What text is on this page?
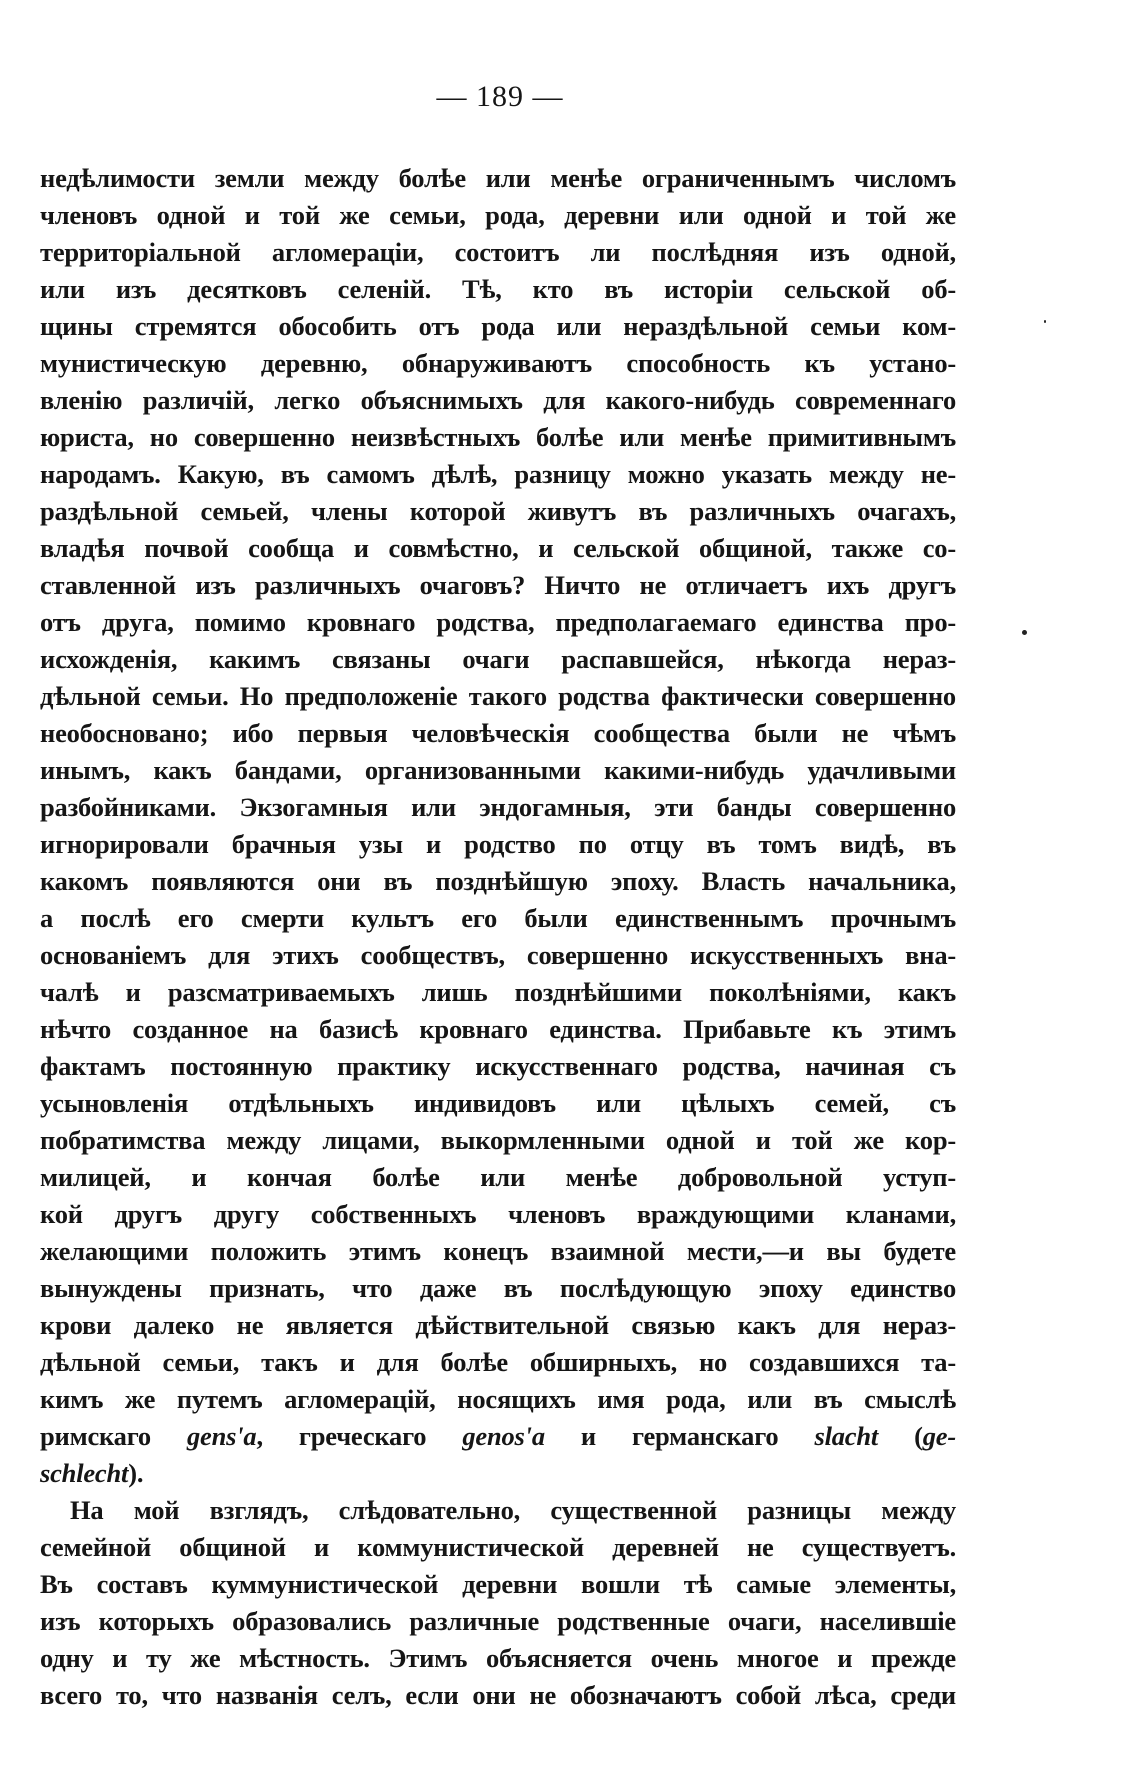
— 189 —
недѣлимости земли между болѣе или менѣе ограниченнымъ числомъ
членовъ одной и той же семьи, рода, деревни или одной и той же
территоріальной агломераціи, состоитъ ли послѣдняя изъ одной,
или изъ десятковъ селеній. Тѣ, кто въ исторіи сельской об-
щины стремятся обособить отъ рода или нераздѣльной семьи ком-
мунистическую деревню, обнаруживаютъ способность къ устано-
вленію различій, легко объяснимыхъ для какого-нибудь современнаго
юриста, но совершенно неизвѣстныхъ болѣе или менѣе примитивнымъ
народамъ. Какую, въ самомъ дѣлѣ, разницу можно указать между не-
раздѣльной семьей, члены которой живутъ въ различныхъ очагахъ,
владѣя почвой сообща и совмѣстно, и сельской общиной, также со-
ставленной изъ различныхъ очаговъ? Ничто не отличаетъ ихъ другъ
отъ друга, помимо кровнаго родства, предполагаемаго единства про-
исхожденія, какимъ связаны очаги распавшейся, нѣкогда нераз-
дѣльной семьи. Но предположеніе такого родства фактически совершенно
необосновано; ибо первыя человѣческія сообщества были не чѣмъ
инымъ, какъ бандами, организованными какими-нибудь удачливыми
разбойниками. Экзогамныя или эндогамныя, эти банды совершенно
игнорировали брачныя узы и родство по отцу въ томъ видѣ, въ
какомъ появляются они въ позднѣйшую эпоху. Власть начальника,
а послѣ его смерти культъ его были единственнымъ прочнымъ
основаніемъ для этихъ сообществъ, совершенно искусственныхъ вна-
чалѣ и разсматриваемыхъ лишь позднѣйшими поколѣніями, какъ
нѣчто созданное на базисѣ кровнаго единства. Прибавьте къ этимъ
фактамъ постоянную практику искусственнаго родства, начиная съ
усыновленія отдѣльныхъ индивидовъ или цѣлыхъ семей, съ
побратимства между лицами, выкормленными одной и той же кор-
милицей, и кончая болѣе или менѣе добровольной уступ-
кой другъ другу собственныхъ членовъ враждующими кланами,
желающими положить этимъ конецъ взаимной мести,—и вы будете
вынуждены признать, что даже въ послѣдующую эпоху единство
крови далеко не является дѣйствительной связью какъ для нераз-
дѣльной семьи, такъ и для болѣе обширныхъ, но создавшихся та-
кимъ же путемъ агломерацій, носящихъ имя рода, или въ смыслѣ
римскаго gens'a, греческаго genos'a и германскаго slacht (ge-
schlecht).
На мой взглядъ, слѣдовательно, существенной разницы между
семейной общиной и коммунистической деревней не существуетъ.
Въ составъ куммунистической деревни вошли тѣ самые элементы,
изъ которыхъ образовались различные родственные очаги, населившіе
одну и ту же мѣстность. Этимъ объясняется очень многое и прежде
всего то, что названія селъ, если они не обозначаютъ собой лѣса, среди
